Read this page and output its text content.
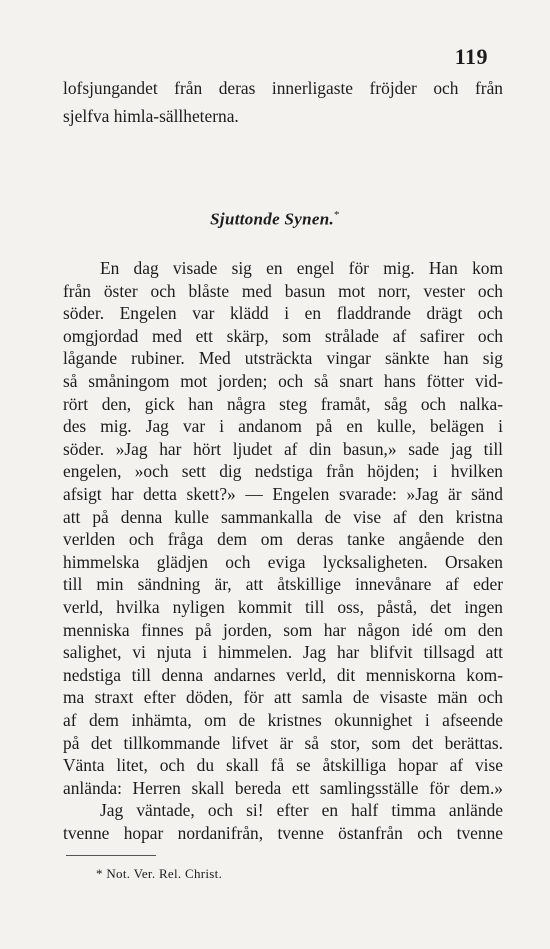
119
lofsjungandet från deras innerligaste fröjder och från
sjelfva himla-sällheterna.
Sjuttonde Synen.*
En dag visade sig en engel för mig. Han kom
från öster och blåste med basun mot norr, vester och
söder. Engelen var klädd i en fladdrande drägt och
omgjordad med ett skärp, som strålade af safirer och
lågande rubiner. Med utsträckta vingar sänkte han sig
så småningom mot jorden; och så snart hans fötter vid-
rört den, gick han några steg framåt, såg och nalka-
des mig. Jag var i andanom på en kulle, belägen i
söder. »Jag har hört ljudet af din basun,» sade jag till
engelen, »och sett dig nedstiga från höjden; i hvilken
afsigt har detta skett?» — Engelen svarade: »Jag är sänd
att på denna kulle sammankalla de vise af den kristna
verlden och fråga dem om deras tanke angående den
himmelska glädjen och eviga lycksaligheten. Orsaken
till min sändning är, att åtskillige innevånare af eder
verld, hvilka nyligen kommit till oss, påstå, det ingen
menniska finnes på jorden, som har någon idé om den
salighet, vi njuta i himmelen. Jag har blifvit tillsagd att
nedstiga till denna andarnes verld, dit menniskorna kom-
ma straxt efter döden, för att samla de visaste män och
af dem inhämta, om de kristnes okunnighet i afseende
på det tillkommande lifvet är så stor, som det berättas.
Vänta litet, och du skall få se åtskilliga hopar af vise
anlända: Herren skall bereda ett samlingsställe för dem.»
Jag väntade, och si! efter en half timma anlände
tvenne hopar nordanifrån, tvenne östanfrån och tvenne
* Not. Ver. Rel. Christ.
